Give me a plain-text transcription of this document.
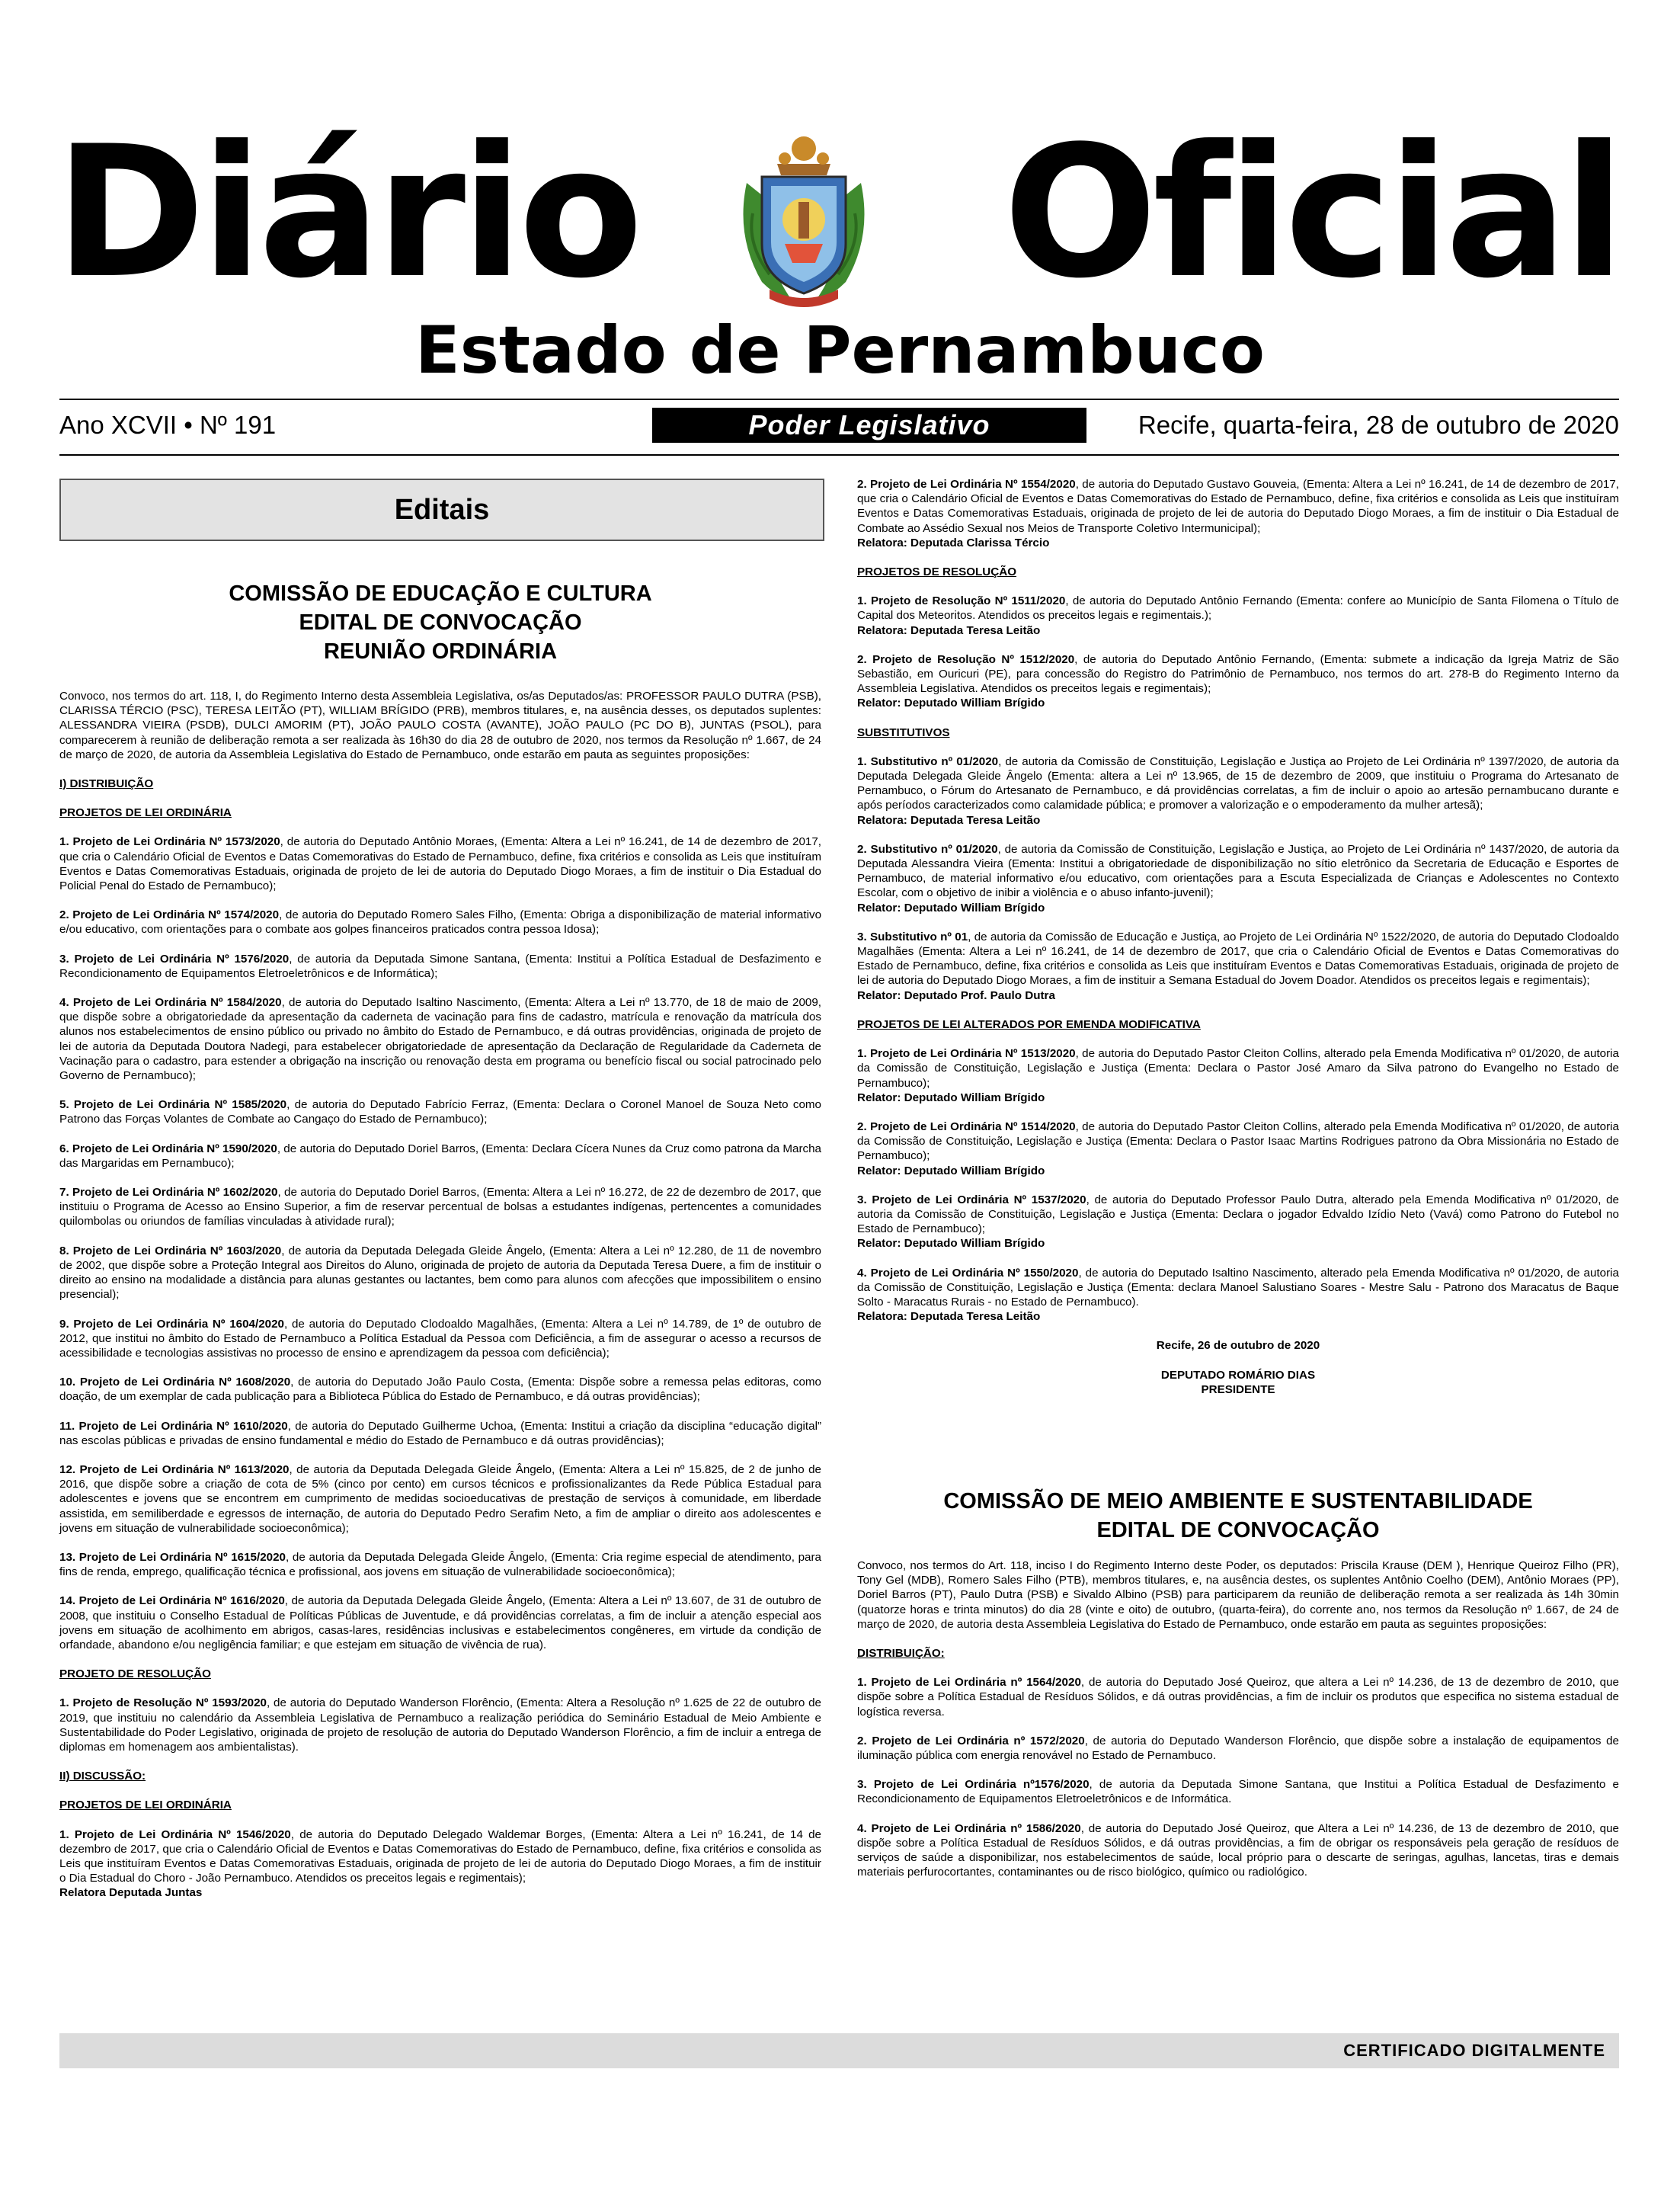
Diário Oficial
Estado de Pernambuco
Ano XCVII • Nº 191	Poder Legislativo	Recife, quarta-feira, 28 de outubro de 2020
Editais
COMISSÃO DE EDUCAÇÃO E CULTURA
EDITAL DE CONVOCAÇÃO
REUNIÃO ORDINÁRIA

Convoco, nos termos do art. 118, I, do Regimento Interno desta Assembleia Legislativa, os/as Deputados/as: PROFESSOR PAULO DUTRA (PSB), CLARISSA TÉRCIO (PSC), TERESA LEITÃO (PT), WILLIAM BRÍGIDO (PRB), membros titulares, e, na ausência desses, os deputados suplentes: ALESSANDRA VIEIRA (PSDB), DULCI AMORIM (PT), JOÃO PAULO COSTA (AVANTE), JOÃO PAULO (PC DO B), JUNTAS (PSOL), para comparecerem à reunião de deliberação remota a ser realizada às 16h30 do dia 28 de outubro de 2020, nos termos da Resolução nº 1.667, de 24 de março de 2020, de autoria da Assembleia Legislativa do Estado de Pernambuco, onde estarão em pauta as seguintes proposições:

I) DISTRIBUIÇÃO

PROJETOS DE LEI ORDINÁRIA

1. Projeto de Lei Ordinária Nº 1573/2020, de autoria do Deputado Antônio Moraes, (Ementa: Altera a Lei nº 16.241, de 14 de dezembro de 2017, que cria o Calendário Oficial de Eventos e Datas Comemorativas do Estado de Pernambuco, define, fixa critérios e consolida as Leis que instituíram Eventos e Datas Comemorativas Estaduais, originada de projeto de lei de autoria do Deputado Diogo Moraes, a fim de instituir o Dia Estadual do Policial Penal do Estado de Pernambuco);

2. Projeto de Lei Ordinária Nº 1574/2020, de autoria do Deputado Romero Sales Filho, (Ementa: Obriga a disponibilização de material informativo e/ou educativo, com orientações para o combate aos golpes financeiros praticados contra pessoa Idosa);

3. Projeto de Lei Ordinária Nº 1576/2020, de autoria da Deputada Simone Santana, (Ementa: Institui a Política Estadual de Desfazimento e Recondicionamento de Equipamentos Eletroeletrônicos e de Informática);

4. Projeto de Lei Ordinária Nº 1584/2020, de autoria do Deputado Isaltino Nascimento, (Ementa: Altera a Lei nº 13.770, de 18 de maio de 2009, que dispõe sobre a obrigatoriedade da apresentação da caderneta de vacinação para fins de cadastro, matrícula e renovação da matrícula dos alunos nos estabelecimentos de ensino público ou privado no âmbito do Estado de Pernambuco, e dá outras providências, originada de projeto de lei de autoria da Deputada Doutora Nadegi, para estabelecer obrigatoriedade de apresentação da Declaração de Regularidade da Caderneta de Vacinação para o cadastro, para estender a obrigação na inscrição ou renovação desta em programa ou benefício fiscal ou social patrocinado pelo Governo de Pernambuco);

5. Projeto de Lei Ordinária Nº 1585/2020, de autoria do Deputado Fabrício Ferraz, (Ementa: Declara o Coronel Manoel de Souza Neto como Patrono das Forças Volantes de Combate ao Cangaço do Estado de Pernambuco);

6. Projeto de Lei Ordinária Nº 1590/2020, de autoria do Deputado Doriel Barros, (Ementa: Declara Cícera Nunes da Cruz como patrona da Marcha das Margaridas em Pernambuco);

7. Projeto de Lei Ordinária Nº 1602/2020, de autoria do Deputado Doriel Barros, (Ementa: Altera a Lei nº 16.272, de 22 de dezembro de 2017, que instituiu o Programa de Acesso ao Ensino Superior, a fim de reservar percentual de bolsas a estudantes indígenas, pertencentes a comunidades quilombolas ou oriundos de famílias vinculadas à atividade rural);

8. Projeto de Lei Ordinária Nº 1603/2020, de autoria da Deputada Delegada Gleide Ângelo, (Ementa: Altera a Lei nº 12.280, de 11 de novembro de 2002, que dispõe sobre a Proteção Integral aos Direitos do Aluno, originada de projeto de autoria da Deputada Teresa Duere, a fim de instituir o direito ao ensino na modalidade a distância para alunas gestantes ou lactantes, bem como para alunos com afecções que impossibilitem o ensino presencial);

9. Projeto de Lei Ordinária Nº 1604/2020, de autoria do Deputado Clodoaldo Magalhães, (Ementa: Altera a Lei nº 14.789, de 1º de outubro de 2012, que institui no âmbito do Estado de Pernambuco a Política Estadual da Pessoa com Deficiência, a fim de assegurar o acesso a recursos de acessibilidade e tecnologias assistivas no processo de ensino e aprendizagem da pessoa com deficiência);

10. Projeto de Lei Ordinária Nº 1608/2020, de autoria do Deputado João Paulo Costa, (Ementa: Dispõe sobre a remessa pelas editoras, como doação, de um exemplar de cada publicação para a Biblioteca Pública do Estado de Pernambuco, e dá outras providências);

11. Projeto de Lei Ordinária Nº 1610/2020, de autoria do Deputado Guilherme Uchoa, (Ementa: Institui a criação da disciplina “educação digital” nas escolas públicas e privadas de ensino fundamental e médio do Estado de Pernambuco e dá outras providências);

12. Projeto de Lei Ordinária Nº 1613/2020, de autoria da Deputada Delegada Gleide Ângelo, (Ementa: Altera a Lei nº 15.825, de 2 de junho de 2016, que dispõe sobre a criação de cota de 5% (cinco por cento) em cursos técnicos e profissionalizantes da Rede Pública Estadual para adolescentes e jovens que se encontrem em cumprimento de medidas socioeducativas de prestação de serviços à comunidade, em liberdade assistida, em semiliberdade e egressos de internação, de autoria do Deputado Pedro Serafim Neto, a fim de ampliar o direito aos adolescentes e jovens em situação de vulnerabilidade socioeconômica);

13. Projeto de Lei Ordinária Nº 1615/2020, de autoria da Deputada Delegada Gleide Ângelo, (Ementa: Cria regime especial de atendimento, para fins de renda, emprego, qualificação técnica e profissional, aos jovens em situação de vulnerabilidade socioeconômica);

14. Projeto de Lei Ordinária Nº 1616/2020, de autoria da Deputada Delegada Gleide Ângelo, (Ementa: Altera a Lei nº 13.607, de 31 de outubro de 2008, que instituiu o Conselho Estadual de Políticas Públicas de Juventude, e dá providências correlatas, a fim de incluir a atenção especial aos jovens em situação de acolhimento em abrigos, casas-lares, residências inclusivas e estabelecimentos congêneres, em virtude da condição de orfandade, abandono e/ou negligência familiar; e que estejam em situação de vivência de rua).

PROJETO DE RESOLUÇÃO

1. Projeto de Resolução Nº 1593/2020, de autoria do Deputado Wanderson Florêncio, (Ementa: Altera a Resolução nº 1.625 de 22 de outubro de 2019, que instituiu no calendário da Assembleia Legislativa de Pernambuco a realização periódica do Seminário Estadual de Meio Ambiente e Sustentabilidade do Poder Legislativo, originada de projeto de resolução de autoria do Deputado Wanderson Florêncio, a fim de incluir a entrega de diplomas em homenagem aos ambientalistas).

II) DISCUSSÃO:

PROJETOS DE LEI ORDINÁRIA

1. Projeto de Lei Ordinária Nº 1546/2020, de autoria do Deputado Delegado Waldemar Borges, (Ementa: Altera a Lei nº 16.241, de 14 de dezembro de 2017, que cria o Calendário Oficial de Eventos e Datas Comemorativas do Estado de Pernambuco, define, fixa critérios e consolida as Leis que instituíram Eventos e Datas Comemorativas Estaduais, originada de projeto de lei de autoria do Deputado Diogo Moraes, a fim de instituir o Dia Estadual do Choro - João Pernambuco. Atendidos os preceitos legais e regimentais);
Relatora Deputada Juntas

2. Projeto de Lei Ordinária Nº 1554/2020, de autoria do Deputado Gustavo Gouveia, (Ementa: Altera a Lei nº 16.241, de 14 de dezembro de 2017, que cria o Calendário Oficial de Eventos e Datas Comemorativas do Estado de Pernambuco, define, fixa critérios e consolida as Leis que instituíram Eventos e Datas Comemorativas Estaduais, originada de projeto de lei de autoria do Deputado Diogo Moraes, a fim de instituir o Dia Estadual de Combate ao Assédio Sexual nos Meios de Transporte Coletivo Intermunicipal);
Relatora: Deputada Clarissa Tércio

PROJETOS DE RESOLUÇÃO

1. Projeto de Resolução Nº 1511/2020, de autoria do Deputado Antônio Fernando (Ementa: confere ao Município de Santa Filomena o Título de Capital dos Meteoritos. Atendidos os preceitos legais e regimentais.);
Relatora: Deputada Teresa Leitão

2. Projeto de Resolução Nº 1512/2020, de autoria do Deputado Antônio Fernando, (Ementa: submete a indicação da Igreja Matriz de São Sebastião, em Ouricuri (PE), para concessão do Registro do Patrimônio de Pernambuco, nos termos do art. 278-B do Regimento Interno da Assembleia Legislativa. Atendidos os preceitos legais e regimentais);
Relator: Deputado William Brígido

SUBSTITUTIVOS

1. Substitutivo nº 01/2020, de autoria da Comissão de Constituição, Legislação e Justiça ao Projeto de Lei Ordinária nº 1397/2020, de autoria da Deputada Delegada Gleide Ângelo (Ementa: altera a Lei nº 13.965, de 15 de dezembro de 2009, que instituiu o Programa do Artesanato de Pernambuco, o Fórum do Artesanato de Pernambuco, e dá providências correlatas, a fim de incluir o apoio ao artesão pernambucano durante e após períodos caracterizados como calamidade pública; e promover a valorização e o empoderamento da mulher artesã);
Relatora: Deputada Teresa Leitão

2. Substitutivo nº 01/2020, de autoria da Comissão de Constituição, Legislação e Justiça, ao Projeto de Lei Ordinária nº 1437/2020, de autoria da Deputada Alessandra Vieira (Ementa: Institui a obrigatoriedade de disponibilização no sítio eletrônico da Secretaria de Educação e Esportes de Pernambuco, de material informativo e/ou educativo, com orientações para a Escuta Especializada de Crianças e Adolescentes no Contexto Escolar, com o objetivo de inibir a violência e o abuso infanto-juvenil);
Relator: Deputado William Brígido

3. Substitutivo nº 01, de autoria da Comissão de Educação e Justiça, ao Projeto de Lei Ordinária Nº 1522/2020, de autoria do Deputado Clodoaldo Magalhães (Ementa: Altera a Lei nº 16.241, de 14 de dezembro de 2017, que cria o Calendário Oficial de Eventos e Datas Comemorativas do Estado de Pernambuco, define, fixa critérios e consolida as Leis que instituíram Eventos e Datas Comemorativas Estaduais, originada de projeto de lei de autoria do Deputado Diogo Moraes, a fim de instituir a Semana Estadual do Jovem Doador. Atendidos os preceitos legais e regimentais);
Relator: Deputado Prof. Paulo Dutra

PROJETOS DE LEI ALTERADOS POR EMENDA MODIFICATIVA

1. Projeto de Lei Ordinária Nº 1513/2020, de autoria do Deputado Pastor Cleiton Collins, alterado pela Emenda Modificativa nº 01/2020, de autoria da Comissão de Constituição, Legislação e Justiça (Ementa: Declara o Pastor José Amaro da Silva patrono do Evangelho no Estado de Pernambuco);
Relator: Deputado William Brígido

2. Projeto de Lei Ordinária Nº 1514/2020, de autoria do Deputado Pastor Cleiton Collins, alterado pela Emenda Modificativa nº 01/2020, de autoria da Comissão de Constituição, Legislação e Justiça (Ementa: Declara o Pastor Isaac Martins Rodrigues patrono da Obra Missionária no Estado de Pernambuco);
Relator: Deputado William Brígido

3. Projeto de Lei Ordinária Nº 1537/2020, de autoria do Deputado Professor Paulo Dutra, alterado pela Emenda Modificativa nº 01/2020, de autoria da Comissão de Constituição, Legislação e Justiça (Ementa: Declara o jogador Edvaldo Izídio Neto (Vavá) como Patrono do Futebol no Estado de Pernambuco);
Relator: Deputado William Brígido

4. Projeto de Lei Ordinária Nº 1550/2020, de autoria do Deputado Isaltino Nascimento, alterado pela Emenda Modificativa nº 01/2020, de autoria da Comissão de Constituição, Legislação e Justiça (Ementa: declara Manoel Salustiano Soares - Mestre Salu - Patrono dos Maracatus de Baque Solto - Maracatus Rurais - no Estado de Pernambuco).
Relatora: Deputada Teresa Leitão

Recife, 26 de outubro de 2020

DEPUTADO ROMÁRIO DIAS
PRESIDENTE
COMISSÃO DE MEIO AMBIENTE E SUSTENTABILIDADE
EDITAL DE CONVOCAÇÃO

Convoco, nos termos do Art. 118, inciso I do Regimento Interno deste Poder, os deputados: Priscila Krause (DEM ), Henrique Queiroz Filho (PR), Tony Gel (MDB), Romero Sales Filho (PTB), membros titulares, e, na ausência destes, os suplentes Antônio Coelho (DEM), Antônio Moraes (PP), Doriel Barros (PT), Paulo Dutra (PSB) e Sivaldo Albino (PSB) para participarem da reunião de deliberação remota a ser realizada às 14h 30min (quatorze horas e trinta minutos) do dia 28 (vinte e oito) de outubro, (quarta-feira), do corrente ano, nos termos da Resolução nº 1.667, de 24 de março de 2020, de autoria desta Assembleia Legislativa do Estado de Pernambuco, onde estarão em pauta as seguintes proposições:

DISTRIBUIÇÃO:

1. Projeto de Lei Ordinária nº 1564/2020, de autoria do Deputado José Queiroz, que altera a Lei nº 14.236, de 13 de dezembro de 2010, que dispõe sobre a Política Estadual de Resíduos Sólidos, e dá outras providências, a fim de incluir os produtos que especifica no sistema estadual de logística reversa.

2. Projeto de Lei Ordinária nº 1572/2020, de autoria do Deputado Wanderson Florêncio, que dispõe sobre a instalação de equipamentos de iluminação pública com energia renovável no Estado de Pernambuco.

3. Projeto de Lei Ordinária nº1576/2020, de autoria da Deputada Simone Santana, que Institui a Política Estadual de Desfazimento e Recondicionamento de Equipamentos Eletroeletrônicos e de Informática.

4. Projeto de Lei Ordinária nº 1586/2020, de autoria do Deputado José Queiroz, que Altera a Lei nº 14.236, de 13 de dezembro de 2010, que dispõe sobre a Política Estadual de Resíduos Sólidos, e dá outras providências, a fim de obrigar os responsáveis pela geração de resíduos de serviços de saúde a disponibilizar, nos estabelecimentos de saúde, local próprio para o descarte de seringas, agulhas, lancetas, tiras e demais materiais perfurocortantes, contaminantes ou de risco biológico, químico ou radiológico.

CERTIFICADO DIGITALMENTE
